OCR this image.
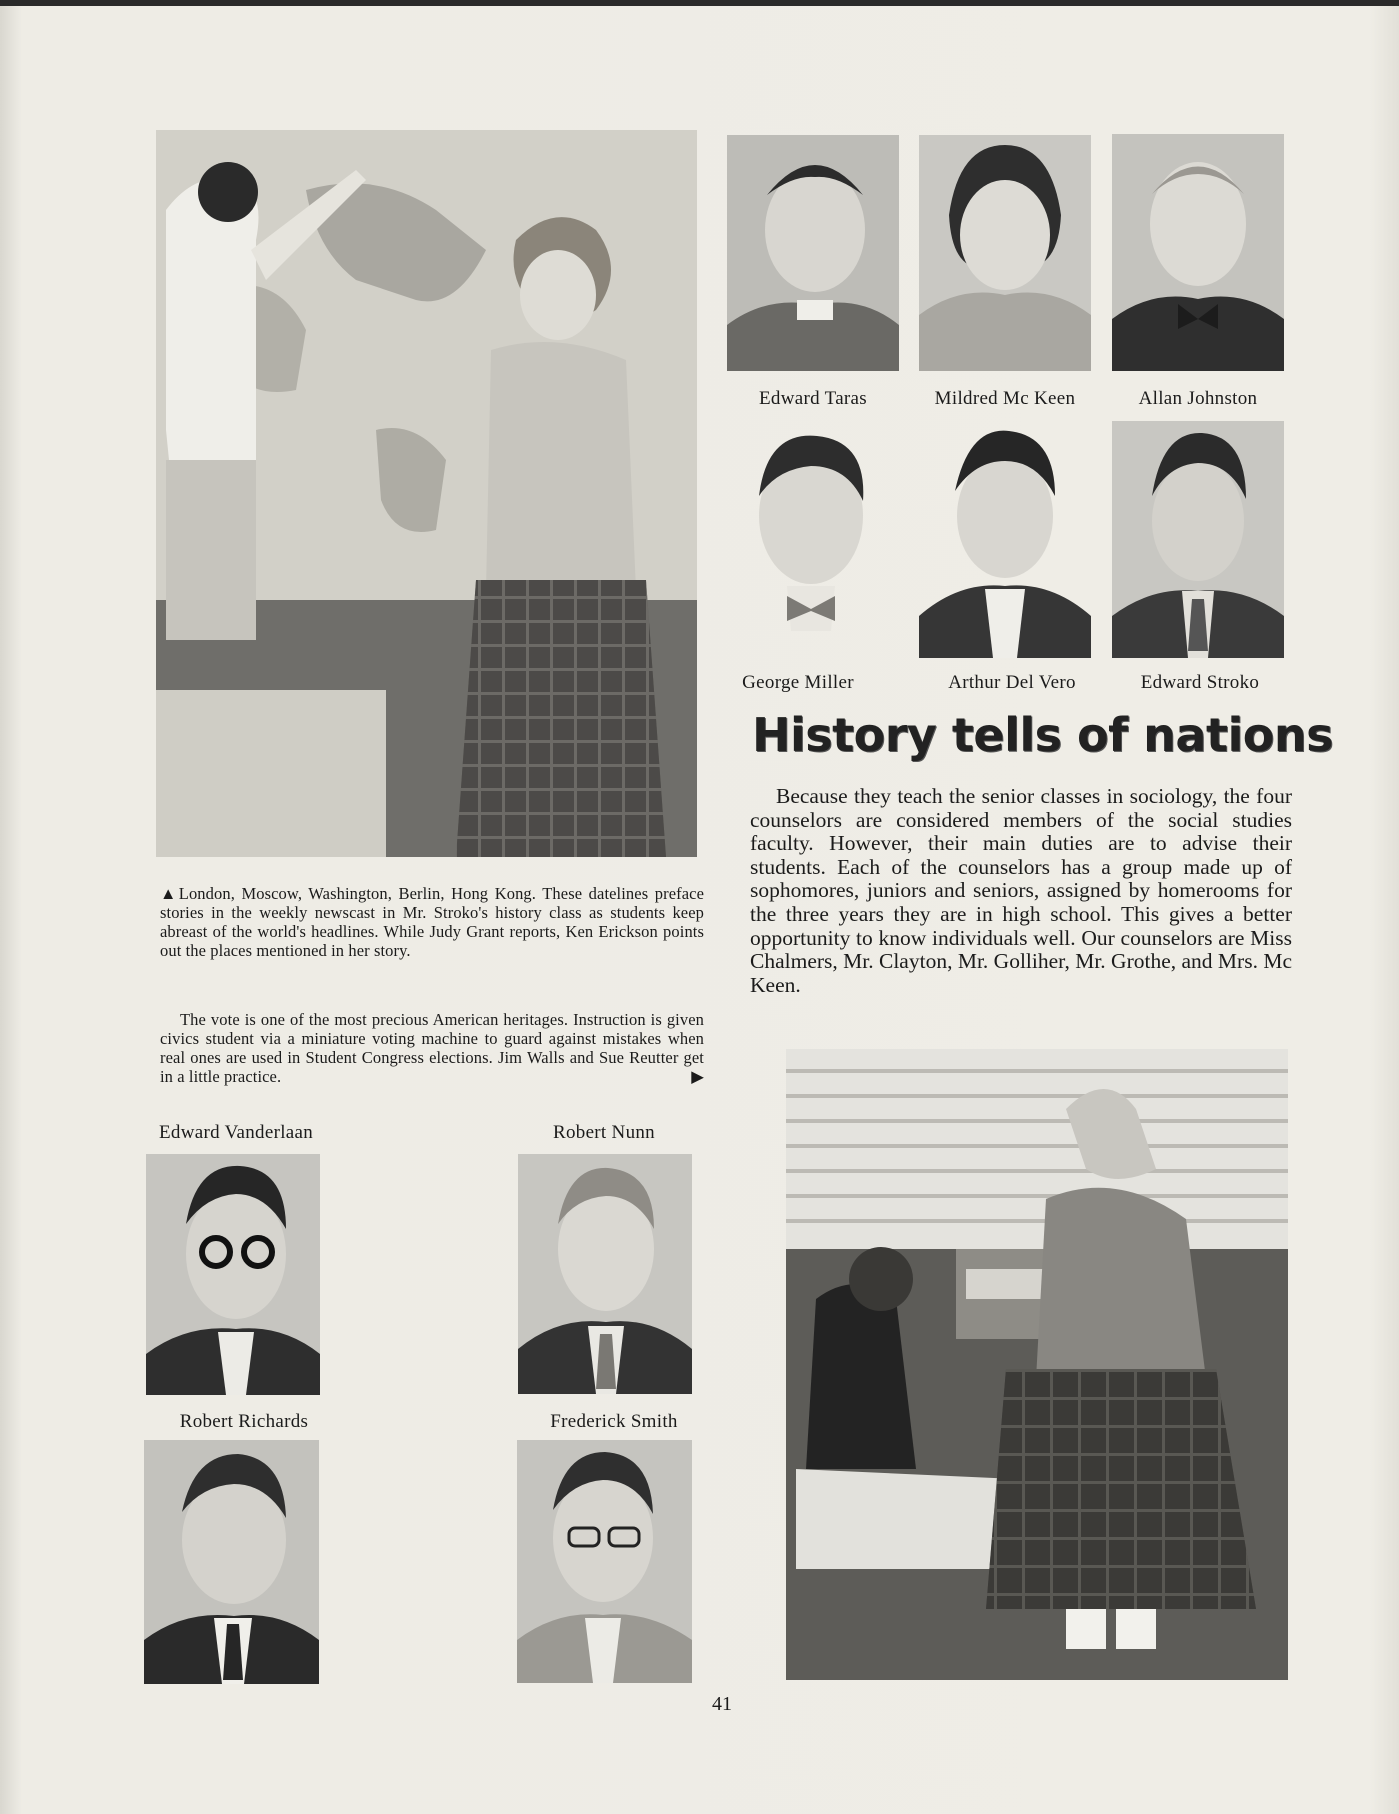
▲London, Moscow, Washington, Berlin, Hong Kong. These datelines preface stories in the weekly newscast in Mr. Stroko's history class as students keep abreast of the world's headlines. While Judy Grant reports, Ken Erickson points out the places mentioned in her story.
The vote is one of the most precious American heritages. Instruction is given civics student via a miniature voting machine to guard against mistakes when real ones are used in Student Congress elections. Jim Walls and Sue Reutter get in a little practice.	▶
Edward Taras	Mildred Mc Keen	Allan Johnston
George Miller	Arthur Del Vero	Edward Stroko
History tells of nations
Because they teach the senior classes in sociology, the four counselors are considered members of the social studies faculty. However, their main duties are to advise their students. Each of the counselors has a group made up of sophomores, juniors and seniors, assigned by homerooms for the three years they are in high school. This gives a better opportunity to know individuals well. Our counselors are Miss Chalmers, Mr. Clayton, Mr. Golliher, Mr. Grothe, and Mrs. Mc Keen.
Edward Vanderlaan	Robert Nunn
Robert Richards	Frederick Smith
41
